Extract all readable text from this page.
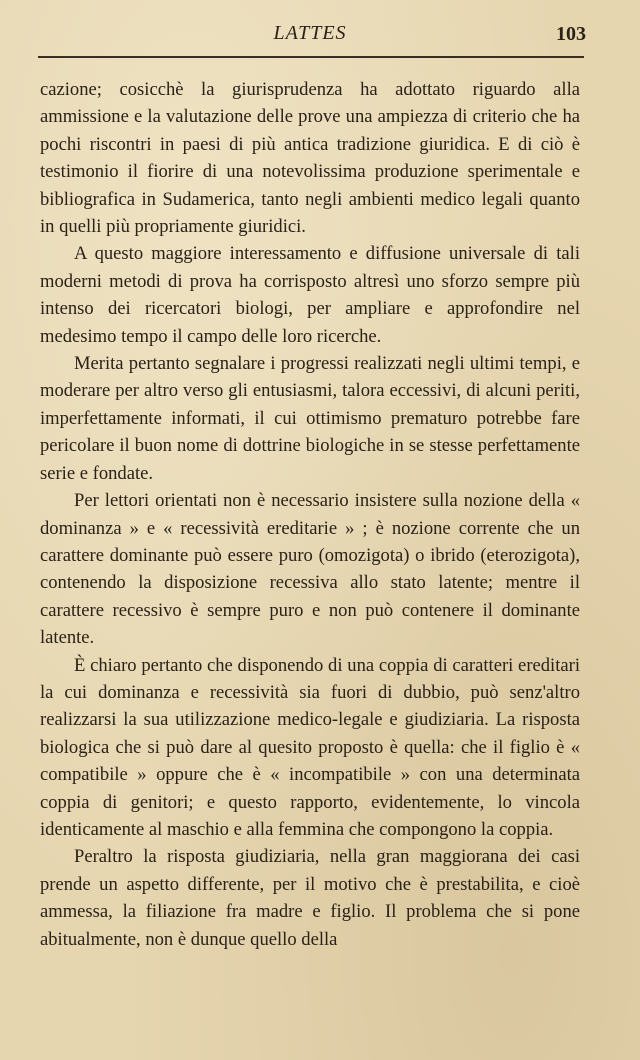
LATTES	103

cazione; cosicchè la giurisprudenza ha adottato riguardo alla ammissione e la valutazione delle prove una ampiezza di criterio che ha pochi riscontri in paesi di più antica tradizione giuridica. E di ciò è testimonio il fiorire di una notevolissima produzione sperimentale e bibliografica in Sudamerica, tanto negli ambienti medico legali quanto in quelli più propriamente giuridici.

A questo maggiore interessamento e diffusione universale di tali moderni metodi di prova ha corrisposto altresì uno sforzo sempre più intenso dei ricercatori biologi, per ampliare e approfondire nel medesimo tempo il campo delle loro ricerche.

Merita pertanto segnalare i progressi realizzati negli ultimi tempi, e moderare per altro verso gli entusiasmi, talora eccessivi, di alcuni periti, imperfettamente informati, il cui ottimismo prematuro potrebbe fare pericolare il buon nome di dottrine biologiche in se stesse perfettamente serie e fondate.

Per lettori orientati non è necessario insistere sulla nozione della « dominanza » e « recessività ereditarie » ; è nozione corrente che un carattere dominante può essere puro (omozigota) o ibrido (eterozigota), contenendo la disposizione recessiva allo stato latente; mentre il carattere recessivo è sempre puro e non può contenere il dominante latente.

È chiaro pertanto che disponendo di una coppia di caratteri ereditari la cui dominanza e recessività sia fuori di dubbio, può senz'altro realizzarsi la sua utilizzazione medico-legale e giudiziaria. La risposta biologica che si può dare al quesito proposto è quella: che il figlio è « compatibile » oppure che è « incompatibile » con una determinata coppia di genitori; e questo rapporto, evidentemente, lo vincola identicamente al maschio e alla femmina che compongono la coppia.

Peraltro la risposta giudiziaria, nella gran maggiorana dei casi prende un aspetto differente, per il motivo che è prestabilita, e cioè ammessa, la filiazione fra madre e figlio. Il problema che si pone abitualmente, non è dunque quello della
